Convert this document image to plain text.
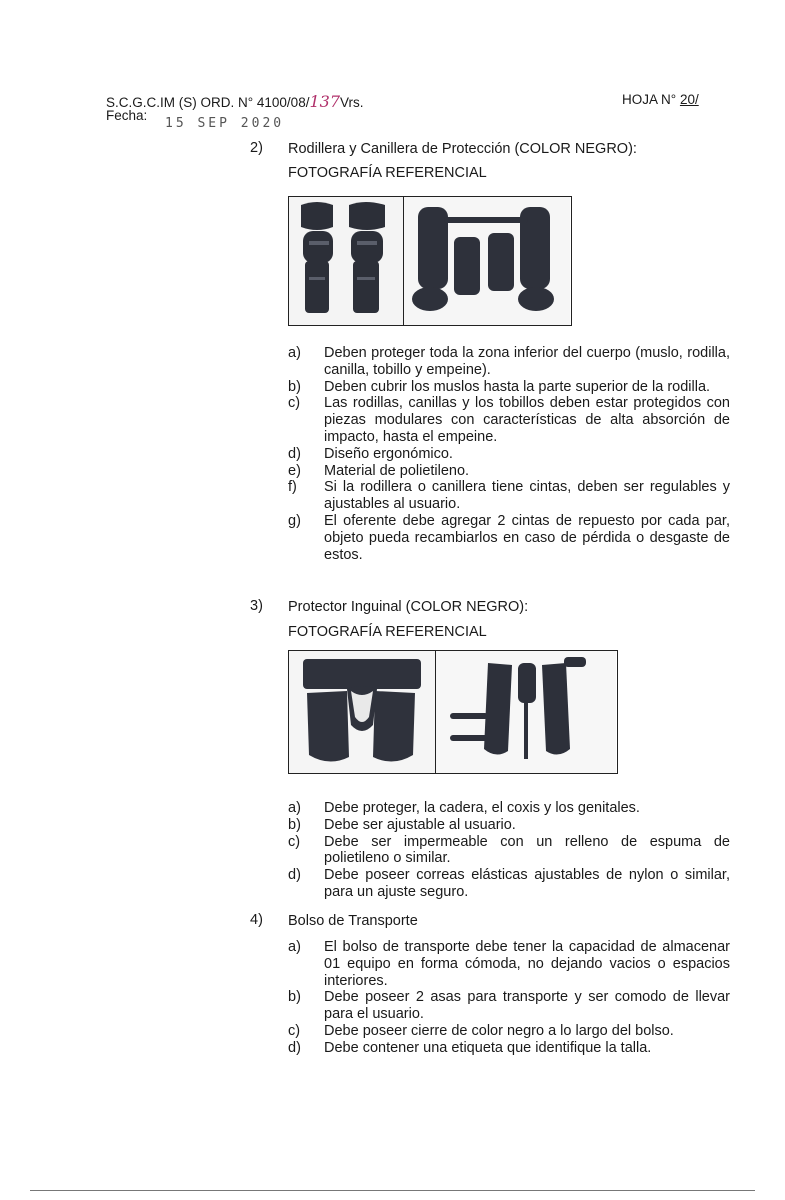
S.C.G.C.IM (S) ORD. N° 4100/08/137Vrs.
Fecha:
15 SEP 2020
HOJA N° 20/
2)	Rodillera y Canillera de Protección (COLOR NEGRO):
FOTOGRAFÍA REFERENCIAL
a)	Deben proteger toda la zona inferior del cuerpo (muslo, rodilla, canilla, tobillo y empeine).
b)	Deben cubrir los muslos hasta la parte superior de la rodilla.
c)	Las rodillas, canillas y los tobillos deben estar protegidos con piezas modulares con características de alta absorción de impacto, hasta el empeine.
d)	Diseño ergonómico.
e)	Material de polietileno.
f)	Si la rodillera o canillera tiene cintas, deben ser regulables y ajustables al usuario.
g)	El oferente debe agregar 2 cintas de repuesto por cada par, objeto pueda recambiarlos en caso de pérdida o desgaste de estos.
3)	Protector Inguinal (COLOR NEGRO):
FOTOGRAFÍA REFERENCIAL
a)	Debe proteger, la cadera, el coxis y los genitales.
b)	Debe ser ajustable al usuario.
c)	Debe ser impermeable con un relleno de espuma de polietileno o similar.
d)	Debe poseer correas elásticas ajustables de nylon o similar, para un ajuste seguro.
4)	Bolso de Transporte
a)	El bolso de transporte debe tener la capacidad de almacenar 01 equipo en forma cómoda, no dejando vacios o espacios interiores.
b)	Debe poseer 2 asas para transporte y ser comodo de llevar para el usuario.
c)	Debe poseer cierre de color negro a lo largo del bolso.
d)	Debe contener una etiqueta que identifique la talla.
